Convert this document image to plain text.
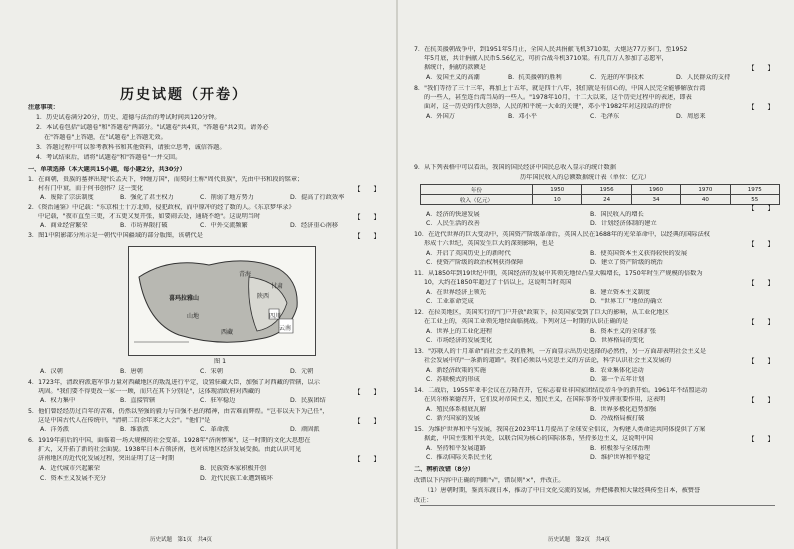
历史试题（开卷）
注意事项：
1．历史试卷满分20分，历史、道德与法治的考试时间共120分钟。
2．本试卷包括"试题卷"和"答题卷"两部分。"试题卷"共4页，"答题卷"共2页。请务必
在"答题卷"上答题，在"试题卷"上答题无效。
3．答题过程中可以参考教科书和其他资料，请独立思考，诚信答题。
4．考试结束后，请将"试题卷"和"答题卷"一并交回。
一、单项选择（本大题共15小题，每小题2分，共30分）
1．在商朝，贵族的墓葬出现"长孟天下，钟缠万国"，而契封土称"周代贵族"，先由中书和段的铭章；
村有门中衰，而于何书创作？这一变化	【　　】
A．废除了宗法制度	B．强化了君主权力	C．削弱了地方势力	D．提高了行政效率
2．《资治通鉴》中记载："东京相土十万北师，侵犯政权，而中原冲的经了数的人。《东京梦华录》
中记载，"夜市直至三更，才五更又复开张，如要闹去处，通晓不绝"。这说明当时	【　　】
A．商业经营繁荣	B．市坊界限打破	C．中外交流频繁	D．经济重心南移
3．图1中阴影部分所示是一朝代中国疆域的部分版图，该朝代是	【　　】
喜玛拉雅山
青海
山地
陕西
甘肃
四川
云南
西藏
图 1
A．汉朝	B．唐朝	C．宋朝	D．元朝
4．1723年，清政府派遣军事力量对西藏地区的叛乱进行平定，设置驻藏大臣，加强了对西藏的管辖，以示
巩固。"我们要不得更改一家一一顾，而只在其下分别是"，这体现清政府对西藏的	【　　】
A．权力集中	B．直接管辖	C．驻军稳边	D．民族团结
5．他们曾经经历过百年的苦难，仍然以坚强的毅力与自强不息的精神，由苦难而辉煌。"岂非以天下为己任"，
这是中国古代人在传统中，"清朝二百余年来之大会"。"他们"是	【　　】
A．洋务派	B．维新派	C．革命派	D．顽固派
6．1919年前后的中国，面临着一场大规模的社会变革。1928年"济南惨案"，这一时期的文化大思想在
扩大，又开拓了新的社会面貌。1938年日本占领济南，也对该地区经济发展受损。由此认识可见
济南地区的近代化发展过程，突出证明了这一时期	【　　】
A．近代城市兴起繁荣	B．民族资本家积极开创
C．资本主义发展不充分	D．近代民族工业遭到破坏
历史试题　第1页　共4页
7．在抗美援朝战争中，到1951年5月止，全国人民共捐献飞机3710架，大炮达77万多门，至1952
年5月底，共计捐献人民币5.56亿元，可折合战斗机3710架。有几百万人参加了志愿军，
据统计，捐献的款额是	【　　】
A．爱国主义的高潮	B．抗美援朝的胜利	C．先进的军事技术	D．人民群众的支持
8．"我们等待了三十三年，再加上十五年，就是四十八年，我们就是有信心的，中国人民完全能够解放台湾
的一些人，甚至连台湾当局的一些人。"1978年10月，十二大以来，这个历史过程中的表述，即表
面对，这一历史的伟大创举，人民的和平统一大业的关键"，邓小平1982年对这段话的评价	【　　】
A．外国万	B．邓小平	C．毛泽东	D．周恩来
9．从下列表格中可以看出，我国的国民经济中国民总收入显示的统计数据
历年国民收入的总额数据统计表（单位：亿元）
年份	1950	1956	1960	1970	1975
收入（亿元）	10	24	34	40	55
【　　】
A．经济的快速发展	B．国民收入的增长
C．人民生活的改善	D．计划经济体制的建立
10．在近代世界的巨大变动中，英国资产阶级革命后，英国人民在1688年的光荣革命中，以经典的国际法权
形成十六世纪，英国发生巨大的深刻影响，也是	【　　】
A．开启了英国历史上的新时代	B．使英国资本主义获得较快的发展
C．使资产阶级的政治权利获得保障	D．建立了资产阶级的统治
11．从1850年到19世纪中期，英国经济的发展中其领先地位凸显大幅增长，1750年时生产规模的倍数为
10，大约在1850年超过了十倍以上，这说明当时英国	【　　】
A．在世界经济上领先	B．建立资本主义制度
C．工业革命完成	D．"世界工厂"地位的确立
12．在拉美地区，美国实行的"门户开放"政策下，拉美国家受到了巨大的影响，从工业化地区
在工业上的，英国工业领先地位面临挑战。下列对这一时期的认识正确的是	【　　】
A．世界上的工业化进程	B．资本主义的全球扩张
C．市场经济的发展变化	D．世界格局的变化
13．"苏联人的十月革命"而社会主义的胜利，一方面显示出历史选择的必然性，另一方面却表明社会主义是
社会发展中的"一条新的道路"。我们必须以马克思主义的方法论，科学认识社会主义发展的	【　　】
A．新经济政策的实施	B．农业集体化运动
C．苏联模式的形成	D．第一个五年计划
14．二战后，1955年亚非会议在万隆召开，它标志着亚非国家团结反帝斗争的新开始。1961年不结盟运动
在贝尔格莱德召开，它们反对帝国主义、殖民主义，在国际事务中发挥重要作用，这表明	【　　】
A．殖民体系彻底瓦解	B．世界多极化趋势加强
C．新兴国家的发展	D．冷战格局被打破
15．为维护世界和平与发展，我国在2023年11月提出了全球安全倡议，为构建人类命运共同体提供了方案
据此，中国主张和平共处，以联合国为核心的国际体系，坚持多边主义，这说明中国	【　　】
A．坚持和平发展道路	B．积极参与全球治理
C．推动国际关系民主化	D．维护世界和平稳定
二、辨析改错（8分）
改错以下内容中正确的判断"√"，错误则"×"，并改正。
（1）唐朝时期，鉴真东渡日本，推动了中日文化交流的发展，并把佛教和大量经典传至日本，被赞誉
改正：
历史试题　第2页　共4页
